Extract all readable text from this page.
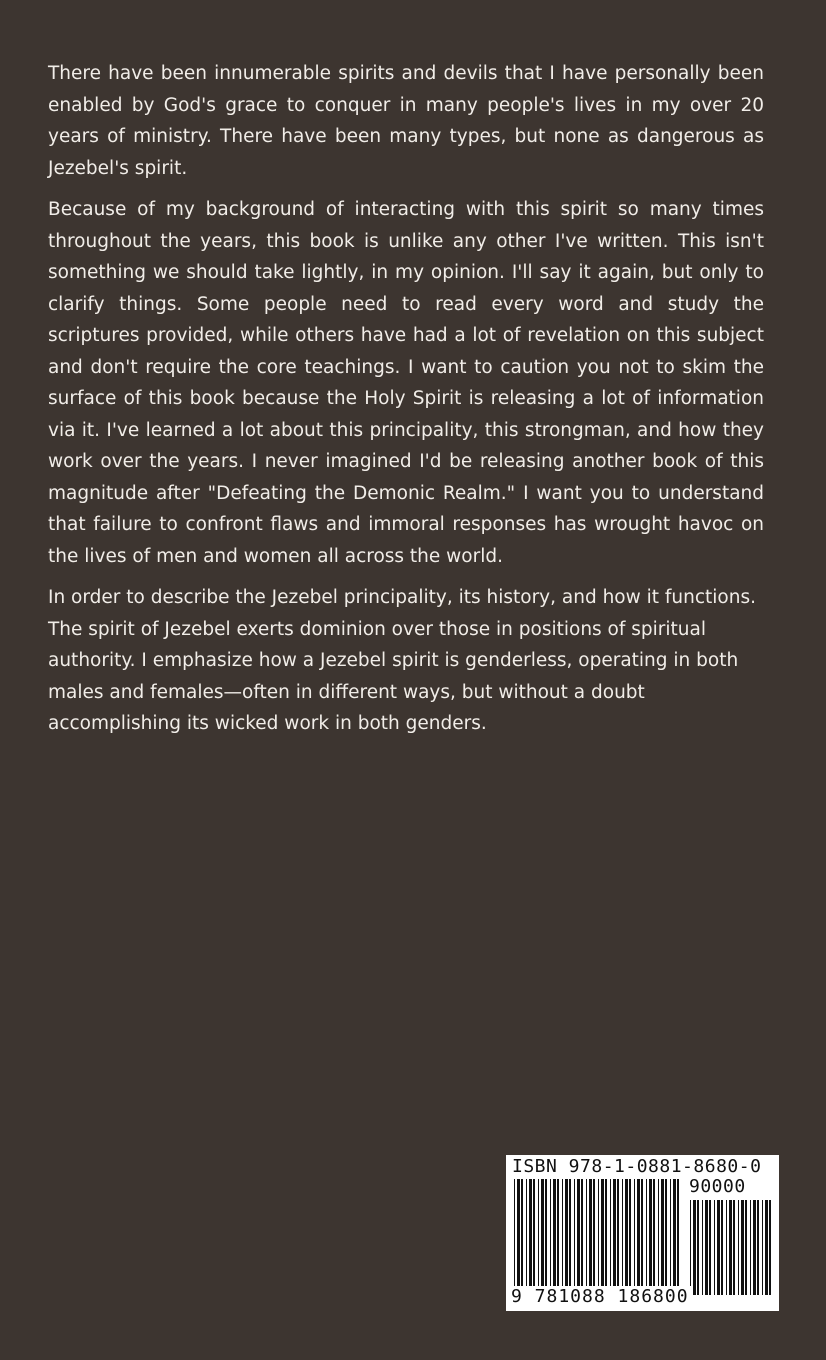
There have been innumerable spirits and devils that I have personally been enabled by God's grace to conquer in many people's lives in my over 20 years of ministry. There have been many types, but none as dangerous as Jezebel's spirit.

Because of my background of interacting with this spirit so many times throughout the years, this book is unlike any other I've written. This isn't something we should take lightly, in my opinion. I'll say it again, but only to clarify things. Some people need to read every word and study the scriptures provided, while others have had a lot of revelation on this subject and don't require the core teachings. I want to caution you not to skim the surface of this book because the Holy Spirit is releasing a lot of information via it. I've learned a lot about this principality, this strongman, and how they work over the years. I never imagined I'd be releasing another book of this magnitude after "Defeating the Demonic Realm." I want you to understand that failure to confront flaws and immoral responses has wrought havoc on the lives of men and women all across the world.

In order to describe the Jezebel principality, its history, and how it functions. The spirit of Jezebel exerts dominion over those in positions of spiritual authority. I emphasize how a Jezebel spirit is genderless, operating in both males and females—often in different ways, but without a doubt accomplishing its wicked work in both genders.

ISBN 978-1-0881-8680-0
90000
9 781088 186800
